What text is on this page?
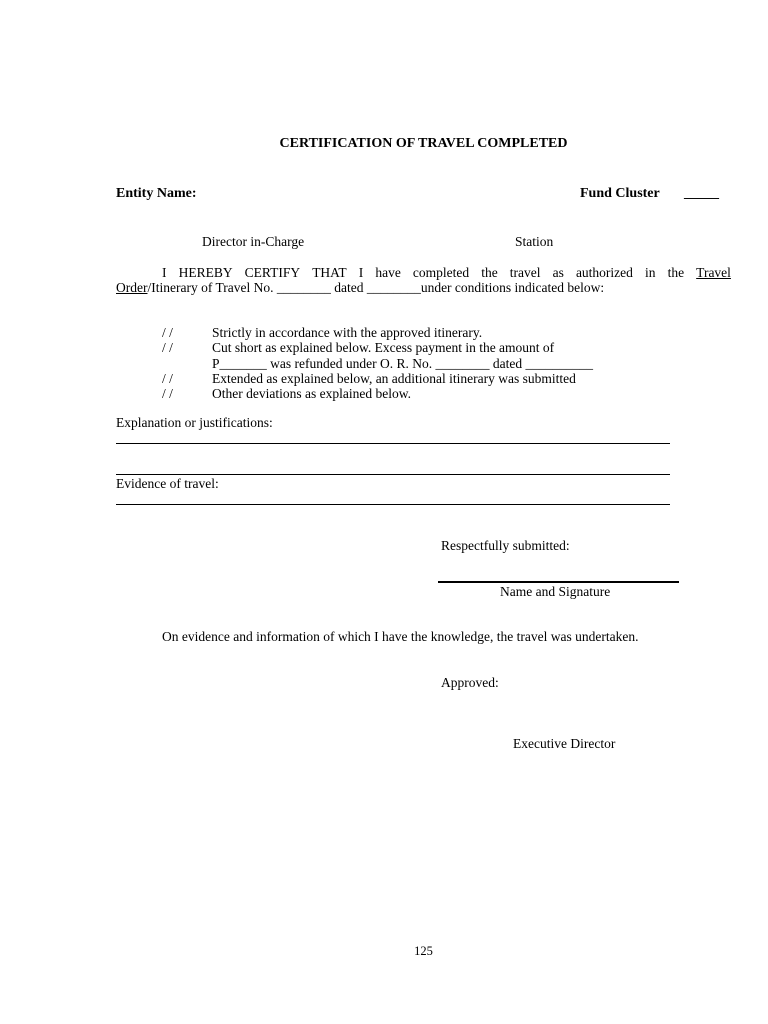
CERTIFICATION OF TRAVEL COMPLETED
Entity Name:	Fund Cluster _____
Director in-Charge	Station
I HEREBY CERTIFY THAT I have completed the travel as authorized in the Travel
Order/Itinerary of Travel No. ________ dated ________under conditions indicated below:
/ /	Strictly in accordance with the approved itinerary.
/ /	Cut short as explained below. Excess payment in the amount of
P_______ was refunded under O. R. No. ________ dated __________
/ /	Extended as explained below, an additional itinerary was submitted
/ /	Other deviations as explained below.
Explanation or justifications:
Evidence of travel:
Respectfully submitted:
Name and Signature
On evidence and information of which I have the knowledge, the travel was undertaken.
Approved:
Executive Director
125
